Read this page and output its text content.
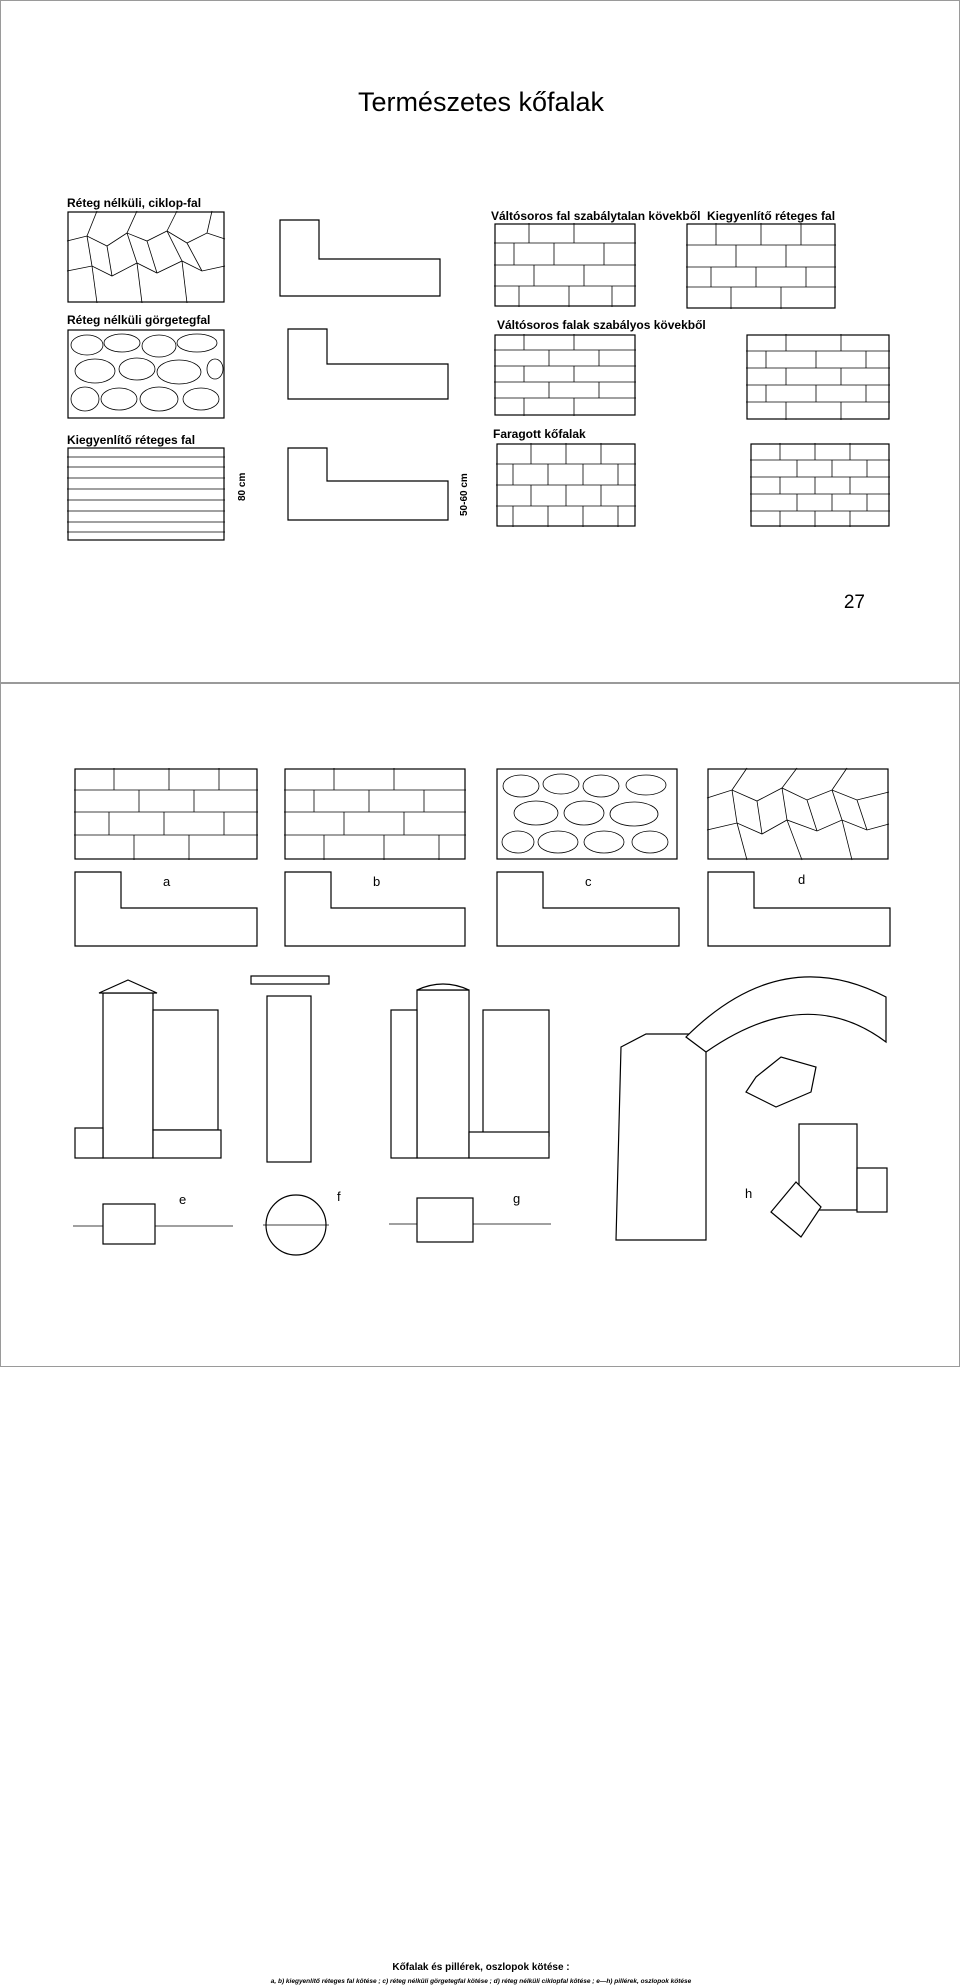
Természetes kőfalak
Réteg nélküli, ciklop-fal
Réteg nélküli görgetegfal
Kiegyenlítő réteges fal
Váltósoros fal szabálytalan kövekből Kiegyenlítő réteges fal
Váltósoros falak szabályos kövekből
Faragott kőfalak
80 cm	50-60 cm
27
a	b	c	d
e	f	g	h
Kőfalak és pillérek, oszlopok kötése :
a, b) kiegyenlítő réteges fal kötése ; c) réteg nélküli görgetegfal kötése ; d) réteg nélküli ciklopfal kötése ; e—h) pillérek, oszlopok kötése
